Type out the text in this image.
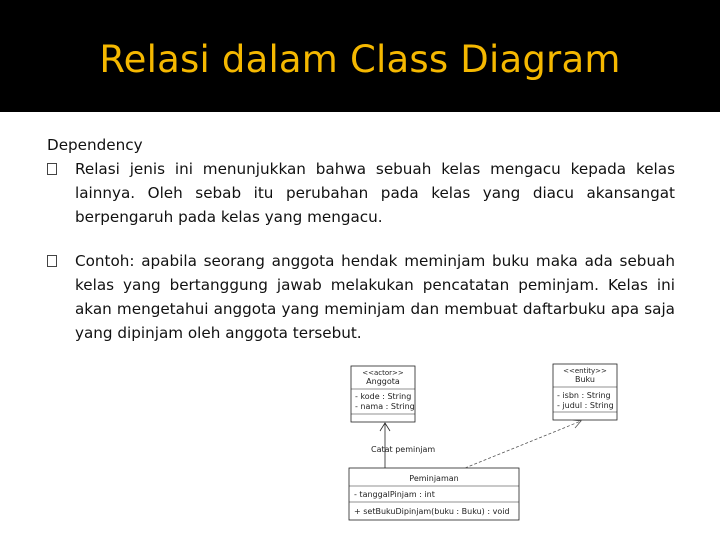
Relasi dalam Class Diagram
Dependency
Relasi jenis ini menunjukkan bahwa sebuah kelas mengacu kepada kelas lainnya. Oleh sebab itu perubahan pada kelas yang diacu akansangat berpengaruh pada kelas yang mengacu.
Contoh: apabila seorang anggota hendak meminjam buku maka ada sebuah kelas yang bertanggung jawab melakukan pencatatan peminjam. Kelas ini akan mengetahui anggota yang meminjam dan membuat daftarbuku apa saja yang dipinjam oleh anggota tersebut.
<<actor>>
Anggota
- kode : String
- nama : String
<<entity>>
Buku
- isbn : String
- judul : String
Peminjaman
- tanggalPinjam : int
+ setBukuDipinjam(buku : Buku) : void
Catat peminjam
